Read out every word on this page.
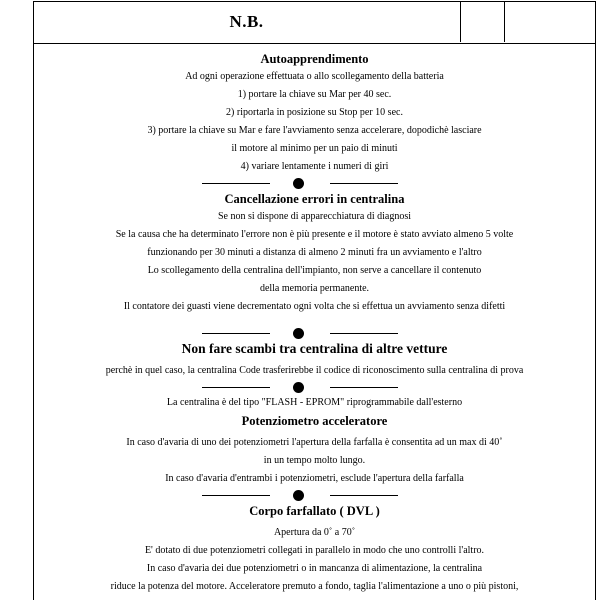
N.B.
Autoapprendimento
Ad ogni operazione effettuata o allo scollegamento della batteria
1) portare la chiave su Mar per 40 sec.
2) riportarla in posizione su Stop per 10 sec.
3) portare la chiave su Mar e fare l'avviamento senza accelerare, dopodichè lasciare
il motore al minimo per un paio di minuti
4) variare lentamente i numeri di giri
Cancellazione errori in centralina
Se non si dispone di apparecchiatura di diagnosi
Se la causa che ha determinato l'errore non è più presente e il motore è stato avviato almeno 5 volte
funzionando per 30 minuti a distanza di almeno 2 minuti fra un avviamento e l'altro
Lo scollegamento della centralina dell'impianto, non serve a cancellare il contenuto
della memoria permanente.
Il contatore dei guasti viene decrementato ogni volta che si effettua un avviamento senza difetti
Non fare scambi tra centralina di altre vetture
perchè in quel caso, la centralina Code trasferirebbe il codice di riconoscimento sulla centralina di prova
La centralina è del tipo "FLASH - EPROM" riprogrammabile dall'esterno
Potenziometro acceleratore
In caso d'avaria di uno dei potenziometri l'apertura della farfalla è consentita ad un max di 40˚
in un tempo molto lungo.
In caso d'avaria d'entrambi i potenziometri, esclude l'apertura della farfalla
Corpo farfallato ( DVL )
Apertura da 0˚ a 70˚
E' dotato di due potenziometri collegati in parallelo in modo che uno controlli l'altro.
In caso d'avaria dei due potenziometri o in mancanza di alimentazione, la centralina
riduce la potenza del motore. Acceleratore premuto a fondo, taglia l'alimentazione a uno o più pistoni,
